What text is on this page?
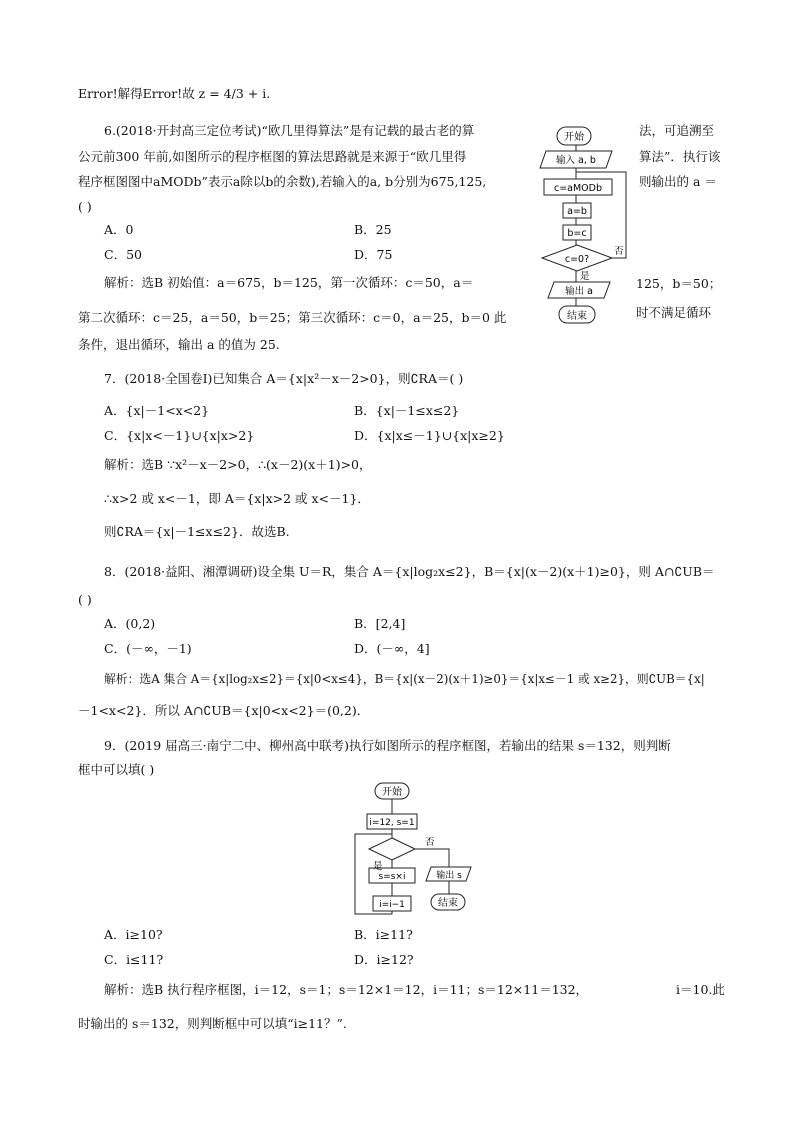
Error!解得Error!故 z = 4/3 + i.
6.(2018·开封高三定位考试)“欧几里得算法”是有记载的最古老的算
公元前300 年前,如图所示的程序框图的算法思路就是来源于“欧几里得
程序框图图中aMODb”表示a除以b的余数),若输入的a, b分别为675,125,
( )
法，可追溯至
算法”．执行该
则输出的 a ＝
A．0	B．25
C．50	D．75
解析：选B 初始值：a＝675，b＝125，第一次循环：c＝50，a＝
第二次循环：c＝25，a＝50，b＝25；第三次循环：c＝0，a＝25，b＝0 此
条件，退出循环，输出 a 的值为 25.
125，b＝50；
时不满足循环
开始
输入 a, b
c=aMODb
a=b
b=c
c=0?
是
否
输出 a
结束
7．(2018·全国卷Ⅰ)已知集合 A＝{x|x²－x－2>0}，则∁RA＝( )
A．{x|－1<x<2}	B．{x|－1≤x≤2}
C．{x|x<－1}∪{x|x>2}	D．{x|x≤－1}∪{x|x≥2}
解析：选B ∵x²－x－2>0，∴(x－2)(x＋1)>0，
∴x>2 或 x<－1，即 A＝{x|x>2 或 x<－1}．
则∁RA＝{x|－1≤x≤2}．故选B.
8．(2018·益阳、湘潭调研)设全集 U＝R，集合 A＝{x|log₂x≤2}，B＝{x|(x－2)(x＋1)≥0}，则 A∩∁UB＝
( )
A．(0,2)	B．[2,4]
C．(－∞，－1)	D．(－∞，4]
解析：选A 集合 A＝{x|log₂x≤2}＝{x|0<x≤4}，B＝{x|(x－2)(x＋1)≥0}＝{x|x≤－1 或 x≥2}，则∁UB＝{x|
－1<x<2}．所以 A∩∁UB＝{x|0<x<2}＝(0,2)．
9．(2019 届高三·南宁二中、柳州高中联考)执行如图所示的程序框图，若输出的结果 s＝132，则判断
框中可以填( )
开始
i=12, s=1
是
否
s=s×i
i=i−1
输出 s
结束
A．i≥10?	B．i≥11?
C．i≤11?	D．i≥12?
解析：选B 执行程序框图，i＝12，s＝1；s＝12×1＝12，i＝11；s＝12×11＝132，	i＝10.此
时输出的 s＝132，则判断框中可以填“i≥11？”.
